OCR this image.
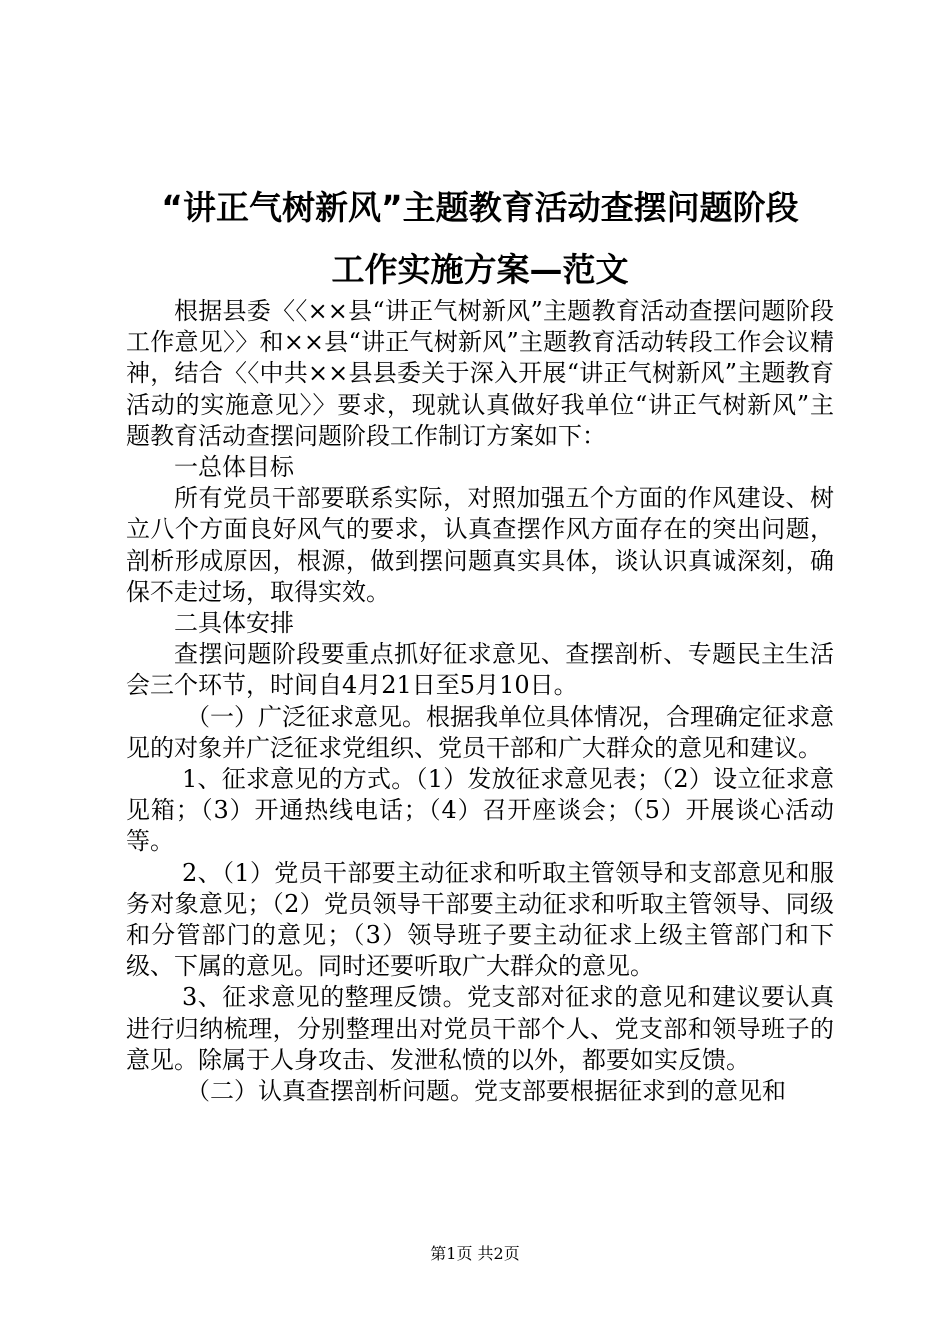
“讲正气树新风”主题教育活动查摆问题阶段
工作实施方案—范文

根据县委〈〈××县“讲正气树新风”主题教育活动查摆问题阶段工作意见〉〉和××县“讲正气树新风”主题教育活动转段工作会议精神，结合〈〈中共××县县委关于深入开展“讲正气树新风”主题教育活动的实施意见〉〉要求，现就认真做好我单位“讲正气树新风”主题教育活动查摆问题阶段工作制订方案如下：

一总体目标

所有党员干部要联系实际，对照加强五个方面的作风建设、树立八个方面良好风气的要求，认真查摆作风方面存在的突出问题，剖析形成原因，根源，做到摆问题真实具体，谈认识真诚深刻，确保不走过场，取得实效。

二具体安排

查摆问题阶段要重点抓好征求意见、查摆剖析、专题民主生活会三个环节，时间自4月21日至5月10日。

（一）广泛征求意见。根据我单位具体情况，合理确定征求意见的对象并广泛征求党组织、党员干部和广大群众的意见和建议。

1、征求意见的方式。（1）发放征求意见表；（2）设立征求意见箱；（3）开通热线电话；（4）召开座谈会；（5）开展谈心活动等。

2、（1）党员干部要主动征求和听取主管领导和支部意见和服务对象意见；（2）党员领导干部要主动征求和听取主管领导、同级和分管部门的意见；（3）领导班子要主动征求上级主管部门和下级、下属的意见。同时还要听取广大群众的意见。

3、征求意见的整理反馈。党支部对征求的意见和建议要认真进行归纳梳理，分别整理出对党员干部个人、党支部和领导班子的意见。除属于人身攻击、发泄私愤的以外，都要如实反馈。

（二）认真查摆剖析问题。党支部要根据征求到的意见和

第1页 共2页
